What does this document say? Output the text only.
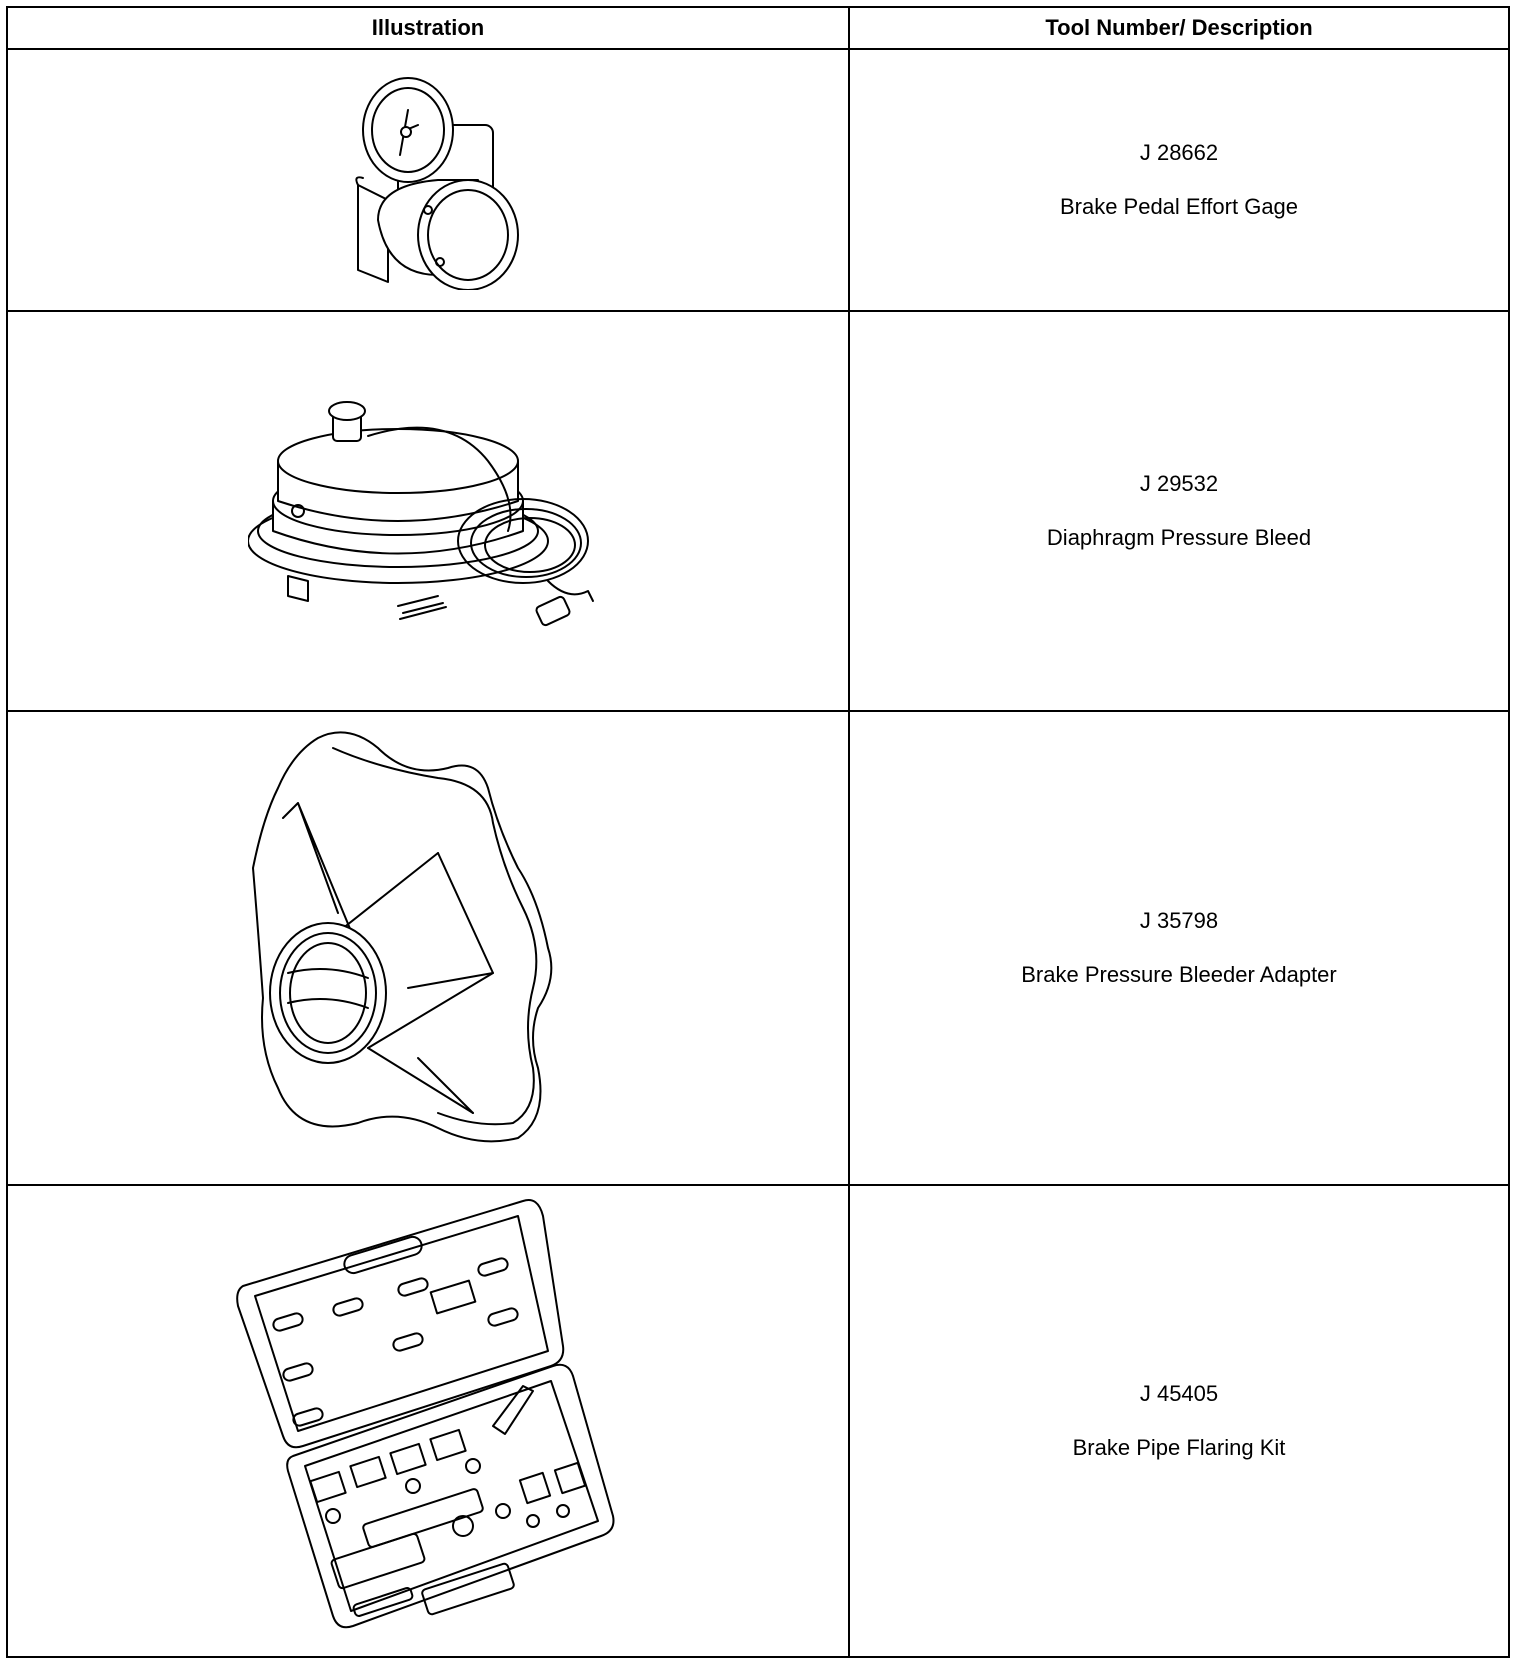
Illustration	Tool Number/ Description

J 28662
Brake Pedal Effort Gage

J 29532
Diaphragm Pressure Bleed

J 35798
Brake Pressure Bleeder Adapter

J 45405
Brake Pipe Flaring Kit
